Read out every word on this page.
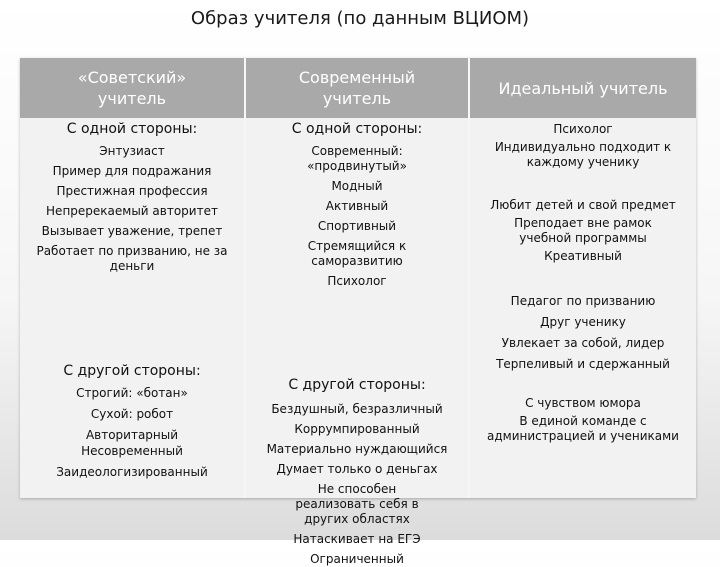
Образ учителя (по данным ВЦИОМ)
«Советский»
учитель
Современный
учитель
Идеальный учитель
С одной стороны:
Энтузиаст
Пример для подражания
Престижная профессия
Непререкаемый авторитет
Вызывает уважение, трепет
Работает по призванию, не за деньги
С другой стороны:
Строгий: «ботан»
Сухой: робот
Авторитарный
Несовременный
Заидеологизированный
С одной стороны:
Современный: «продвинутый»
Модный
Активный
Спортивный
Стремящийся к саморазвитию
Психолог
С другой стороны:
Бездушный, безразличный
Коррумпированный
Материально нуждающийся
Думает только о деньгах
Не способен реализовать себя в других областях
Натаскивает на ЕГЭ
Ограниченный
Психолог
Индивидуально подходит к каждому ученику
Любит детей и свой предмет
Преподает вне рамок учебной программы
Креативный
Педагог по призванию
Друг ученику
Увлекает за собой, лидер
Терпеливый и сдержанный
С чувством юмора
В единой команде с администрацией и учениками
